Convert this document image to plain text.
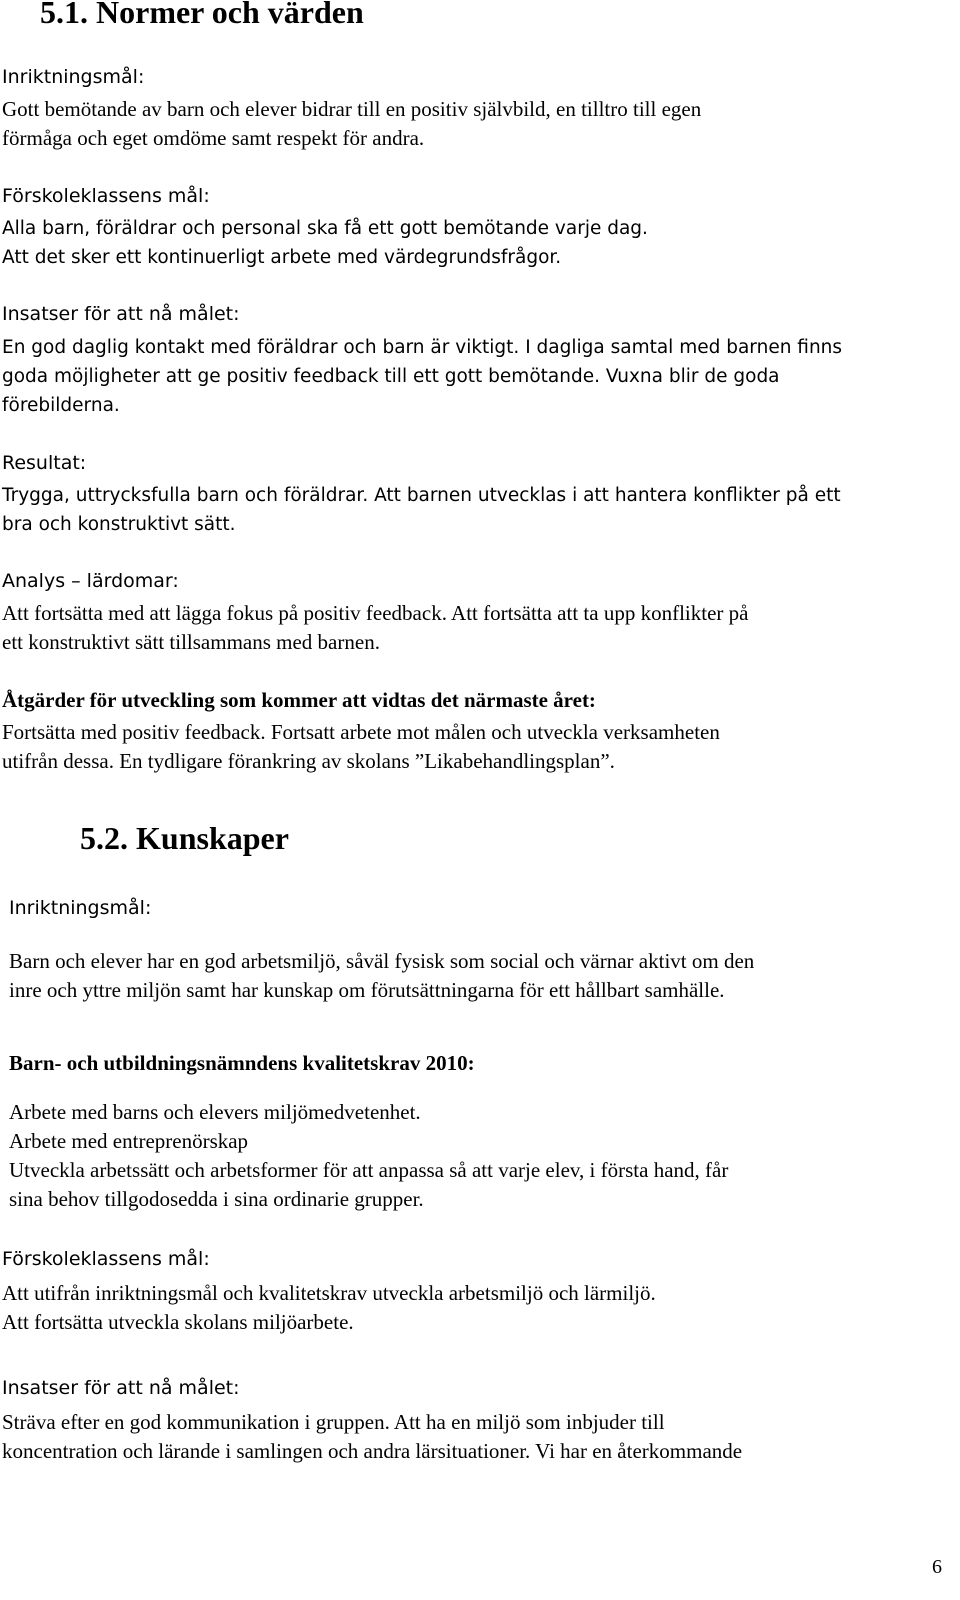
5.1. Normer och värden
Inriktningsmål:
Gott bemötande av barn och elever bidrar till en positiv självbild, en tilltro till egen
förmåga och eget omdöme samt respekt för andra.
Förskoleklassens mål:
Alla barn, föräldrar och personal ska få ett gott bemötande varje dag.
Att det sker ett kontinuerligt arbete med värdegrundsfrågor.
Insatser för att nå målet:
En god daglig kontakt med föräldrar och barn är viktigt. I dagliga samtal med barnen finns
goda möjligheter att ge positiv feedback till ett gott bemötande. Vuxna blir de goda
förebilderna.
Resultat:
Trygga, uttrycksfulla barn och föräldrar. Att barnen utvecklas i att hantera konflikter på ett
bra och konstruktivt sätt.
Analys – lärdomar:
Att fortsätta med att lägga fokus på positiv feedback. Att fortsätta att ta upp konflikter på
ett konstruktivt sätt tillsammans med barnen.
Åtgärder för utveckling som kommer att vidtas det närmaste året:
Fortsätta med positiv feedback. Fortsatt arbete mot målen och utveckla verksamheten
utifrån dessa. En tydligare förankring av skolans ”Likabehandlingsplan”.
5.2. Kunskaper
Inriktningsmål:
Barn och elever har en god arbetsmiljö, såväl fysisk som social och värnar aktivt om den
inre och yttre miljön samt har kunskap om förutsättningarna för ett hållbart samhälle.
Barn- och utbildningsnämndens kvalitetskrav 2010:
Arbete med barns och elevers miljömedvetenhet.
Arbete med entreprenörskap
Utveckla arbetssätt och arbetsformer för att anpassa så att varje elev, i första hand, får
sina behov tillgodosedda i sina ordinarie grupper.
Förskoleklassens mål:
Att utifrån inriktningsmål och kvalitetskrav utveckla arbetsmiljö och lärmiljö.
Att fortsätta utveckla skolans miljöarbete.
Insatser för att nå målet:
Sträva efter en god kommunikation i gruppen. Att ha en miljö som inbjuder till
koncentration och lärande i samlingen och andra lärsituationer. Vi har en återkommande
6
